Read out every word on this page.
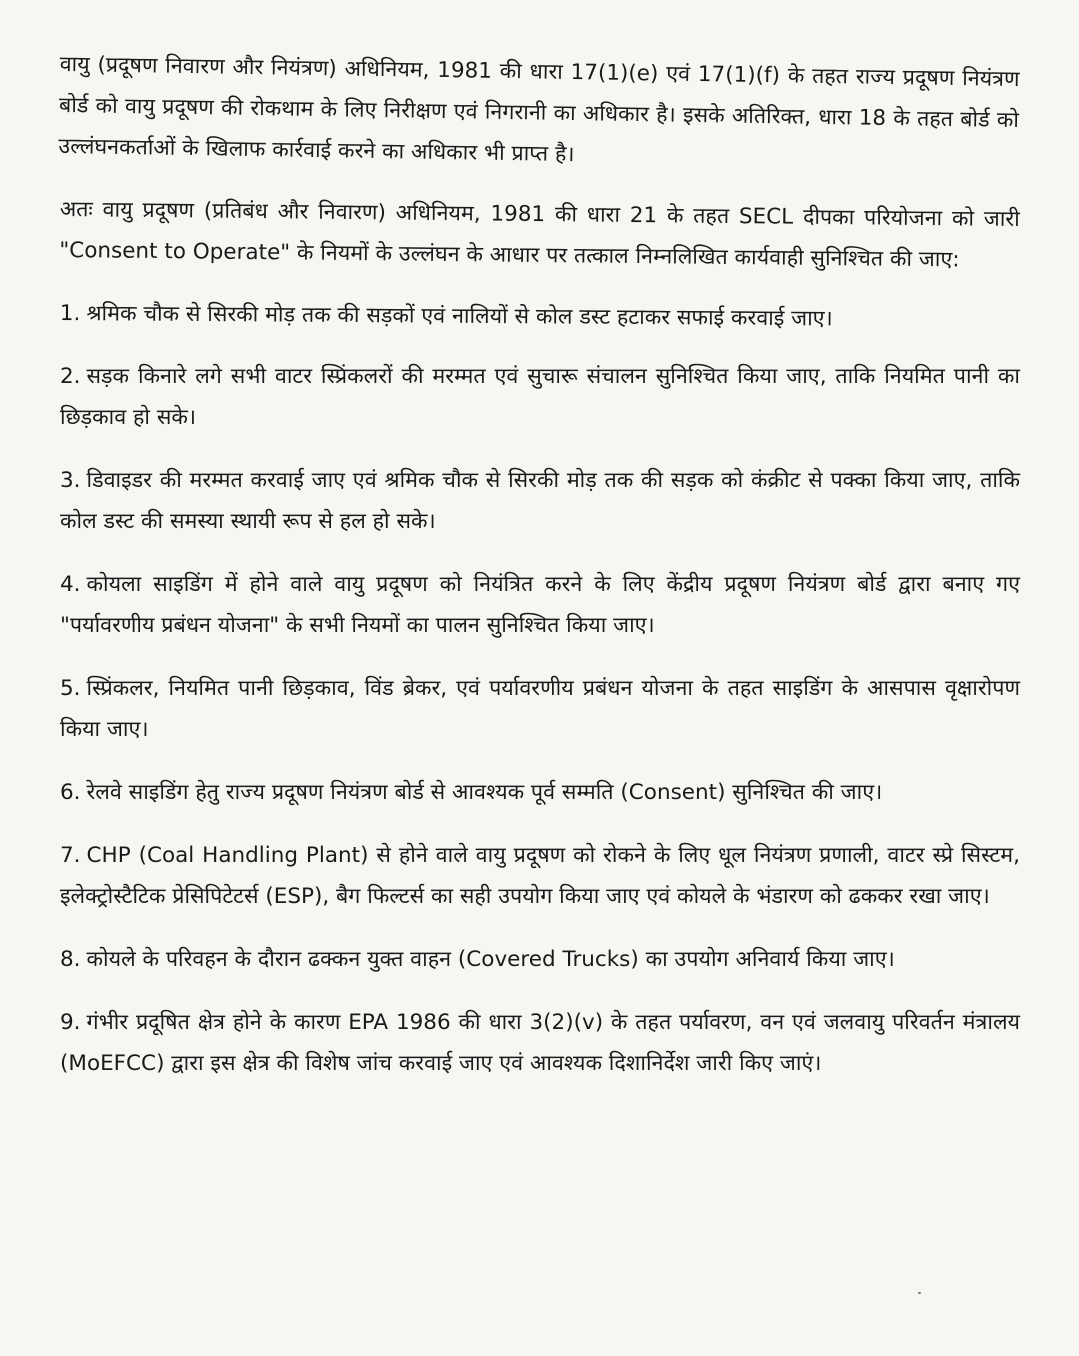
वायु (प्रदूषण निवारण और नियंत्रण) अधिनियम, 1981 की धारा 17(1)(e) एवं 17(1)(f) के तहत राज्य प्रदूषण नियंत्रण बोर्ड को वायु प्रदूषण की रोकथाम के लिए निरीक्षण एवं निगरानी का अधिकार है। इसके अतिरिक्त, धारा 18 के तहत बोर्ड को उल्लंघनकर्ताओं के खिलाफ कार्रवाई करने का अधिकार भी प्राप्त है।

अतः वायु प्रदूषण (प्रतिबंध और निवारण) अधिनियम, 1981 की धारा 21 के तहत SECL दीपका परियोजना को जारी "Consent to Operate" के नियमों के उल्लंघन के आधार पर तत्काल निम्नलिखित कार्यवाही सुनिश्चित की जाए:

1. श्रमिक चौक से सिरकी मोड़ तक की सड़कों एवं नालियों से कोल डस्ट हटाकर सफाई करवाई जाए।

2. सड़क किनारे लगे सभी वाटर स्प्रिंकलरों की मरम्मत एवं सुचारू संचालन सुनिश्चित किया जाए, ताकि नियमित पानी का छिड़काव हो सके।

3. डिवाइडर की मरम्मत करवाई जाए एवं श्रमिक चौक से सिरकी मोड़ तक की सड़क को कंक्रीट से पक्का किया जाए, ताकि कोल डस्ट की समस्या स्थायी रूप से हल हो सके।

4. कोयला साइडिंग में होने वाले वायु प्रदूषण को नियंत्रित करने के लिए केंद्रीय प्रदूषण नियंत्रण बोर्ड द्वारा बनाए गए "पर्यावरणीय प्रबंधन योजना" के सभी नियमों का पालन सुनिश्चित किया जाए।

5. स्प्रिंकलर, नियमित पानी छिड़काव, विंड ब्रेकर, एवं पर्यावरणीय प्रबंधन योजना के तहत साइडिंग के आसपास वृक्षारोपण किया जाए।

6. रेलवे साइडिंग हेतु राज्य प्रदूषण नियंत्रण बोर्ड से आवश्यक पूर्व सम्मति (Consent) सुनिश्चित की जाए।

7. CHP (Coal Handling Plant) से होने वाले वायु प्रदूषण को रोकने के लिए धूल नियंत्रण प्रणाली, वाटर स्प्रे सिस्टम, इलेक्ट्रोस्टैटिक प्रेसिपिटेटर्स (ESP), बैग फिल्टर्स का सही उपयोग किया जाए एवं कोयले के भंडारण को ढककर रखा जाए।

8. कोयले के परिवहन के दौरान ढक्कन युक्त वाहन (Covered Trucks) का उपयोग अनिवार्य किया जाए।

9. गंभीर प्रदूषित क्षेत्र होने के कारण EPA 1986 की धारा 3(2)(v) के तहत पर्यावरण, वन एवं जलवायु परिवर्तन मंत्रालय (MoEFCC) द्वारा इस क्षेत्र की विशेष जांच करवाई जाए एवं आवश्यक दिशानिर्देश जारी किए जाएं।
